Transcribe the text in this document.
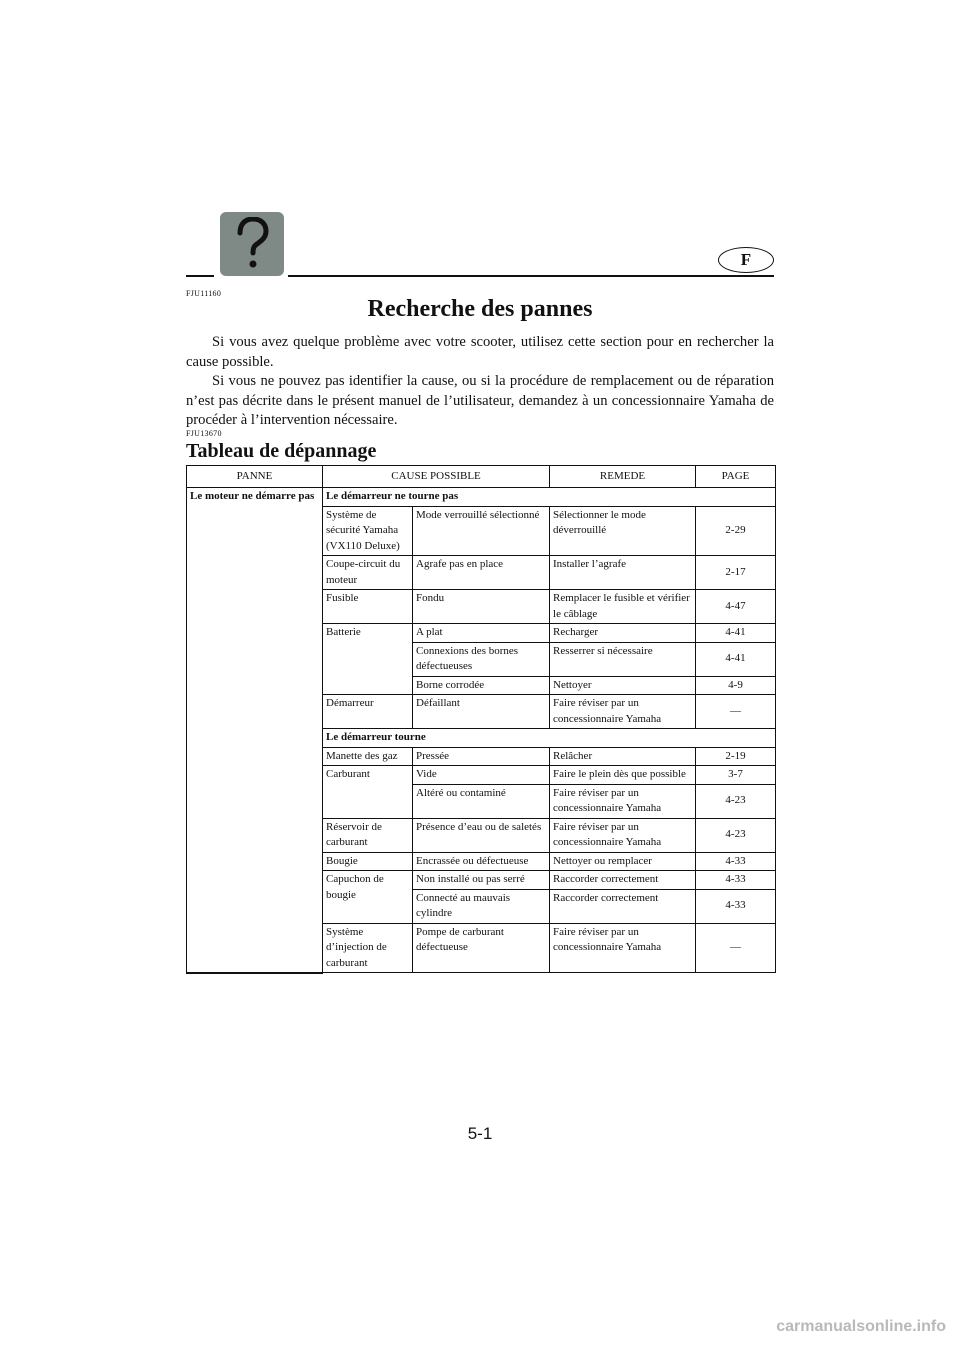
F
FJU11160
Recherche des pannes

Si vous avez quelque problème avec votre scooter, utilisez cette section pour en rechercher la cause possible.

Si vous ne pouvez pas identifier la cause, ou si la procédure de remplacement ou de réparation n’est pas décrite dans le présent manuel de l’utilisateur, demandez à un concessionnaire Yamaha de procéder à l’intervention nécessaire.

FJU13670
Tableau de dépannage
PANNE	CAUSE POSSIBLE		REMEDE	PAGE
Le moteur ne démarre pas	Le démarreur ne tourne pas			
	Système de sécurité Yamaha (VX110 Deluxe)	Mode verrouillé sélectionné	Sélectionner le mode déverrouillé	2-29
	Coupe-circuit du moteur	Agrafe pas en place	Installer l’agrafe	2-17
	Fusible	Fondu	Remplacer le fusible et vérifier le câblage	4-47
	Batterie	A plat	Recharger	4-41
		Connexions des bornes défectueuses	Resserrer si nécessaire	4-41
		Borne corrodée	Nettoyer	4-9
	Démarreur	Défaillant	Faire réviser par un concessionnaire Yamaha	—
	Le démarreur tourne			
	Manette des gaz	Pressée	Relâcher	2-19
	Carburant	Vide	Faire le plein dès que possible	3-7
		Altéré ou contaminé	Faire réviser par un concessionnaire Yamaha	4-23
	Réservoir de carburant	Présence d’eau ou de saletés	Faire réviser par un concessionnaire Yamaha	4-23
	Bougie	Encrassée ou défectueuse	Nettoyer ou remplacer	4-33
	Capuchon de bougie	Non installé ou pas serré	Raccorder correctement	4-33
		Connecté au mauvais cylindre	Raccorder correctement	4-33
	Système d’injection de carburant	Pompe de carburant défectueuse	Faire réviser par un concessionnaire Yamaha	—
5-1
carmanualsonline.info
